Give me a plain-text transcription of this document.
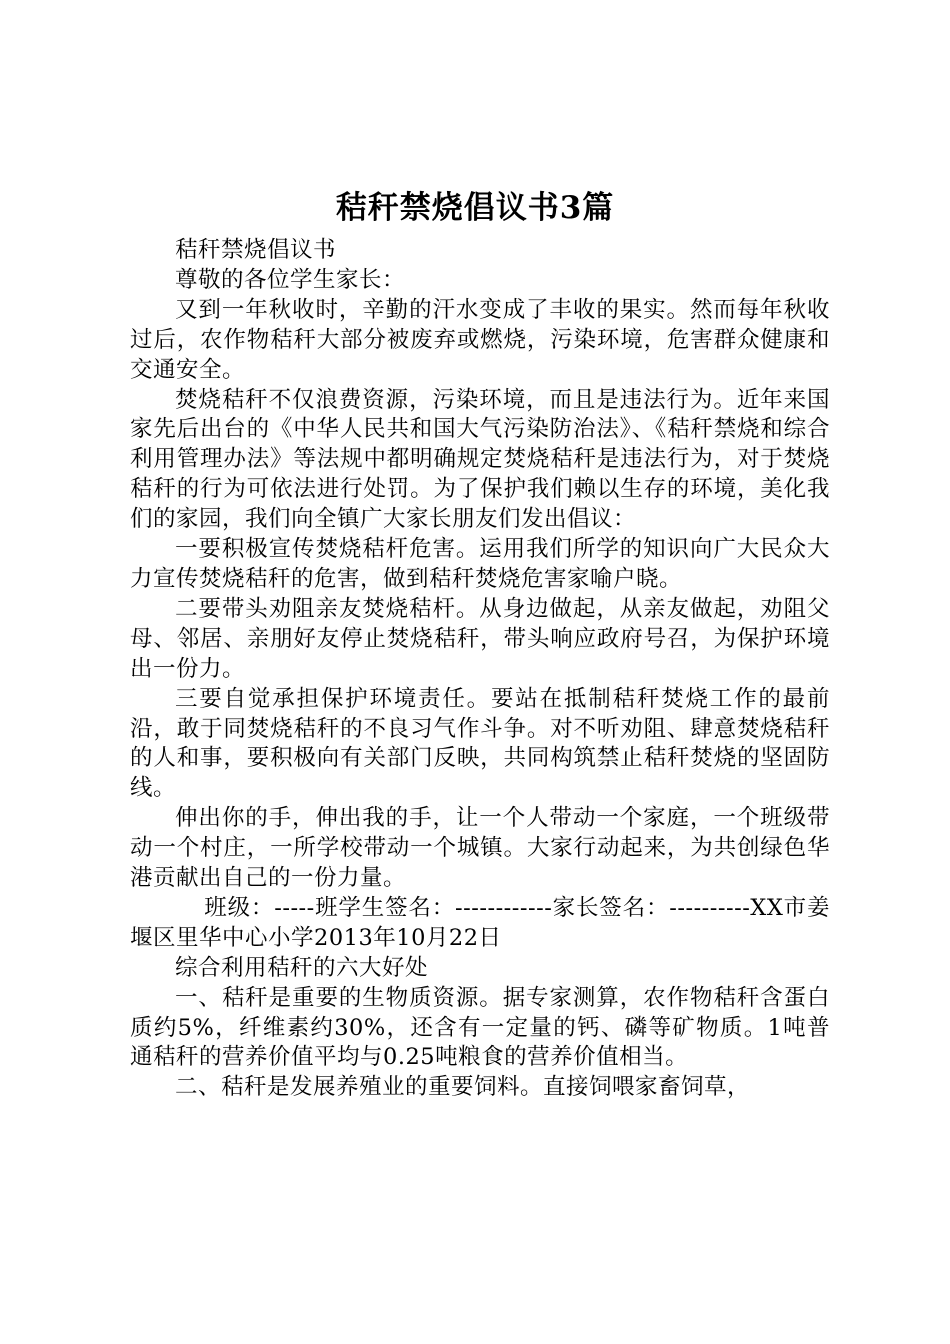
秸秆禁烧倡议书3篇

秸秆禁烧倡议书

尊敬的各位学生家长：

又到一年秋收时，辛勤的汗水变成了丰收的果实。然而每年秋收过后，农作物秸秆大部分被废弃或燃烧，污染环境，危害群众健康和交通安全。

焚烧秸秆不仅浪费资源，污染环境，而且是违法行为。近年来国家先后出台的《中华人民共和国大气污染防治法》、《秸秆禁烧和综合利用管理办法》等法规中都明确规定焚烧秸秆是违法行为，对于焚烧秸秆的行为可依法进行处罚。为了保护我们赖以生存的环境，美化我们的家园，我们向全镇广大家长朋友们发出倡议：

一要积极宣传焚烧秸杆危害。运用我们所学的知识向广大民众大力宣传焚烧秸秆的危害，做到秸秆焚烧危害家喻户晓。

二要带头劝阻亲友焚烧秸杆。从身边做起，从亲友做起，劝阻父母、邻居、亲朋好友停止焚烧秸秆，带头响应政府号召，为保护环境出一份力。

三要自觉承担保护环境责任。要站在抵制秸秆焚烧工作的最前沿，敢于同焚烧秸秆的不良习气作斗争。对不听劝阻、肆意焚烧秸秆的人和事，要积极向有关部门反映，共同构筑禁止秸秆焚烧的坚固防线。

伸出你的手，伸出我的手，让一个人带动一个家庭，一个班级带动一个村庄，一所学校带动一个城镇。大家行动起来，为共创绿色华港贡献出自己的一份力量。

班级：-----班学生签名：------------家长签名：----------XX市姜堰区里华中心小学2013年10月22日

综合利用秸秆的六大好处

一、秸秆是重要的生物质资源。据专家测算，农作物秸秆含蛋白质约5%，纤维素约30%，还含有一定量的钙、磷等矿物质。1吨普通秸秆的营养价值平均与0.25吨粮食的营养价值相当。

二、秸秆是发展养殖业的重要饲料。直接饲喂家畜饲草，
